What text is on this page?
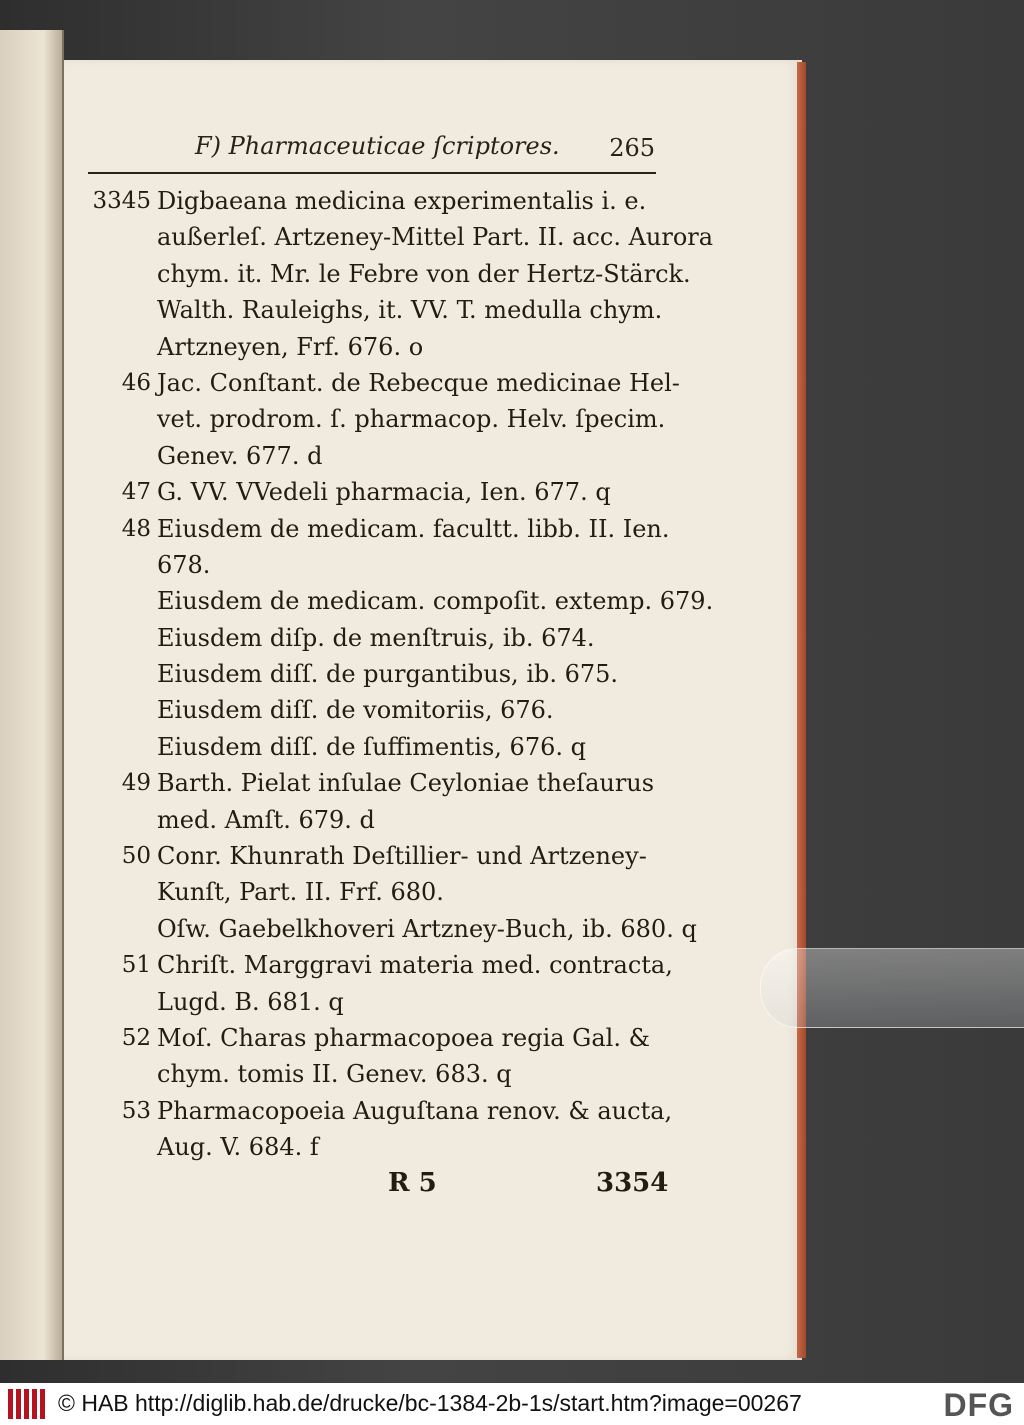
F) Pharmaceuticae ſcriptores. 265
3345 Digbaeana medicina experimentalis i. e.
außerleſ. Artzeney-Mittel Part. II. acc. Aurora
chym. it. Mr. le Febre von der Hertz-Stärck.
Walth. Rauleighs, it. VV. T. medulla chym.
Artzneyen, Frf. 676. o
46 Jac. Conſtant. de Rebecque medicinae Hel-
vet. prodrom. ſ. pharmacop. Helv. ſpecim.
Genev. 677. d
47 G. VV. VVedeli pharmacia, Ien. 677. q
48 Eiusdem de medicam. facultt. libb. II. Ien.
678.
Eiusdem de medicam. compoſit. extemp. 679.
Eiusdem diſp. de menſtruis, ib. 674.
Eiusdem diſſ. de purgantibus, ib. 675.
Eiusdem diſſ. de vomitoriis, 676.
Eiusdem diſſ. de ſuffimentis, 676. q
49 Barth. Pielat inſulae Ceyloniae theſaurus
med. Amſt. 679. d
50 Conr. Khunrath Deſtillier- und Artzeney-
Kunſt, Part. II. Frf. 680.
Oſw. Gaebelkhoveri Artzney-Buch, ib. 680. q
51 Chriſt. Marggravi materia med. contracta,
Lugd. B. 681. q
52 Moſ. Charas pharmacopoea regia Gal. &
chym. tomis II. Genev. 683. q
53 Pharmacopoeia Auguſtana renov. & aucta,
Aug. V. 684. f
R 5	3354
© HAB http://diglib.hab.de/drucke/bc-1384-2b-1s/start.htm?image=00267	DFG
